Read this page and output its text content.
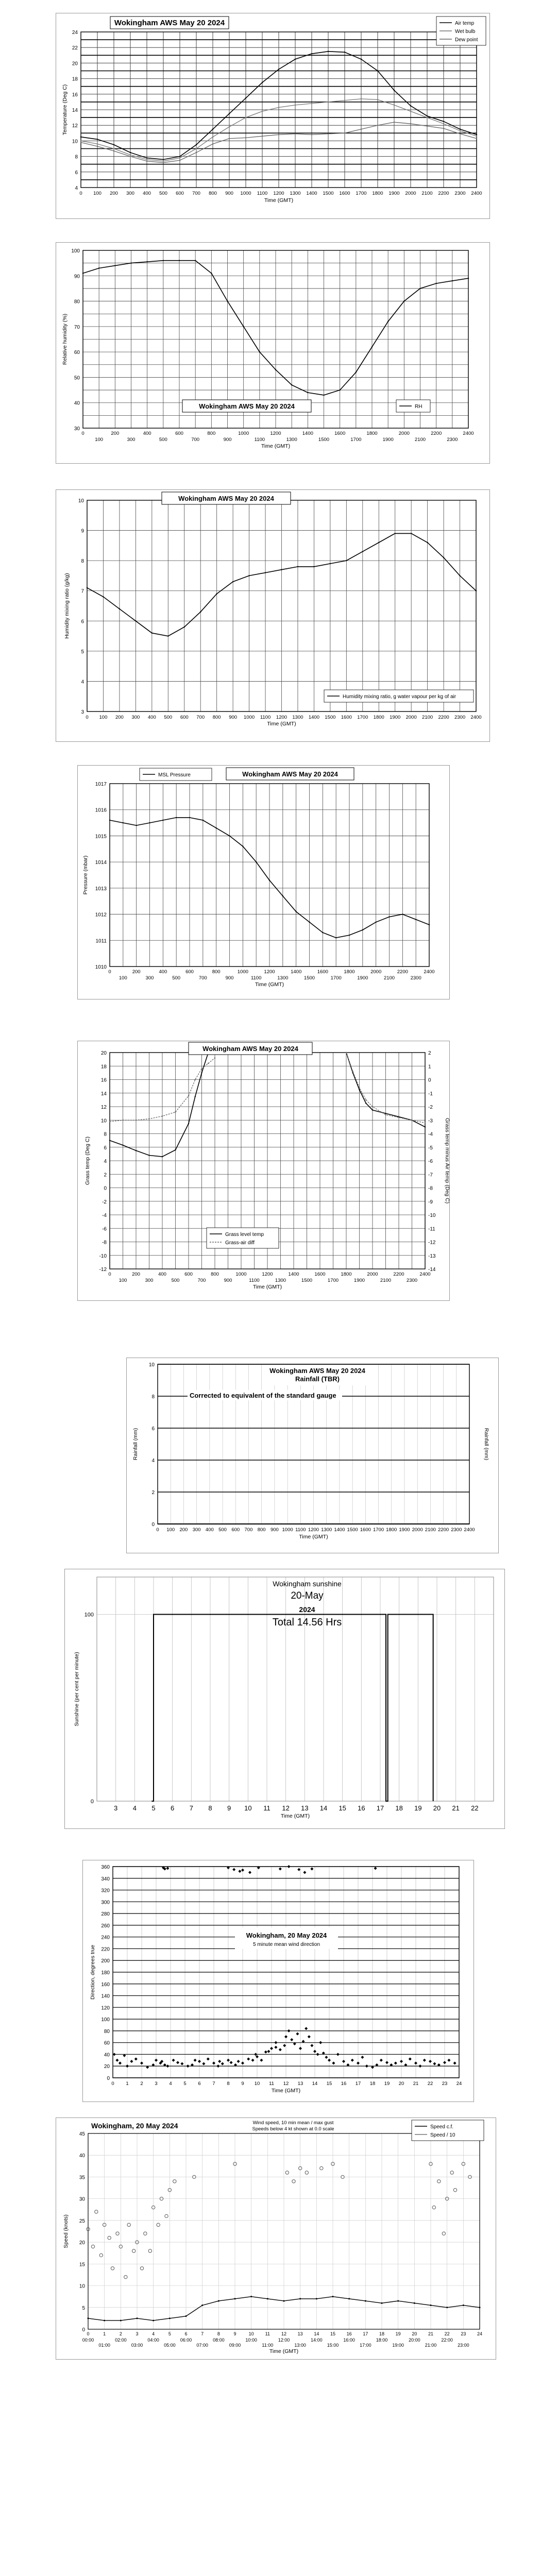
4
6
8
10
12
14
16
18
20
22
24
0 100 200 300 400 500 600 700 800 900 1000 1100 1200 1300 1400 1500 1600 1700 1800 1900 2000 2100 2200 2300 2400
Time (GMT)
Temperature (Deg C)
Wokingham AWS May 20 2024	Air temp
Wet bulb
Dew point
30
40
50
60
70
80
90
100
0	200	400	600	800	1000	1200	1400	1600	1800	2000	2200	2400
100	300	500	700	900	1100	1300	1500	1700	1900	2100	2300
Time (GMT)
Relative humidity (%)
Wokingham AWS May 20 2024	RH
3
4
5
6
7
8
9
10
0 100 200 300 400 500 600 700 800 900 1000 1100 1200 1300 1400 1500 1600 1700 1800 1900 2000 2100 2200 2300 2400
Time (GMT)
Humidity mixing ratio (g/kg)
Wokingham AWS May 20 2024
Humidity mixing ratio, g water vapour per kg of air
1010
1011
1012
1013
1014
1015
1016
1017
0	200	400	600	800	1000	1200	1400	1600	1800	2000	2200	2400
100	300	500	700	900	1100	1300	1500	1700	1900	2100	2300
Time (GMT)
Pressure (mbar)
MSL Pressure	Wokingham AWS May 20 2024
-12
-10
-8
-6
-4
-2
0
2
4
6
8
10
12
14
16
18
20
-14
-13
-12
-11
-10
-9
-8
-7
-6
-5
-4
-3
-2
-1
0
1
2
0	200	400	600	800	1000	1200	1400	1600	1800	2000	2200	2400
100	300	500	700	900	1100	1300	1500	1700	1900	2100	2300
Time (GMT)
Grass temp (Deg C)	Grass temp minus Air temp (Deg C)
Wokingham AWS May 20 2024
Grass level temp
Grass-air diff
0
2
4
6
8
10
0 100 200 300 400 500 600 700 800 900 1000 1100 1200 1300 1400 1500 1600 1700 1800 1900 2000 2100 2200 2300 2400
Time (GMT)
Rainfall (mm)	Rainfall (mm)
Wokingham AWS May 20 2024
Rainfall (TBR)
Corrected to equivalent of the standard gauge
0
100
3 4 5 6 7 8 9 10 11 12 13 14 15 16 17 18 19 20 21 22
Time (GMT)
Sunshine (per cent per minute)
Wokingham sunshine
20-May
2024
Total 14.56 Hrs
0
20
40
60
80
100
120
140
160
180
200
220
240
260
280
300
320
340
360
0 1 2 3 4 5 6 7 8 9 10 11 12 13 14 15 16 17 18 19 20 21 22 23 24
Time (GMT)
Direction, degrees true
Wokingham, 20 May 2024
5 minute mean wind direction
0
5
10
15
20
25
30
35
40
45
0	1	2	3	4	5	6	7	8	9	10 11 12 13 14 15 16 17 18 19 20 21 22 23 24
00:00
01:00
02:00
03:00
04:00
05:00
06:00
07:00
08:00
09:00
10:00
11:00
12:00
13:00
14:00
15:00
16:00
17:00
18:00
19:00
20:00
21:00
22:00
23:00
Time (GMT)
Speed (knots)
Wokingham, 20 May 2024	Wind speed, 10 min mean / max gust
Speeds below 4 kt shown at 0.0 scale	Speed c.f.
Speed / 10
